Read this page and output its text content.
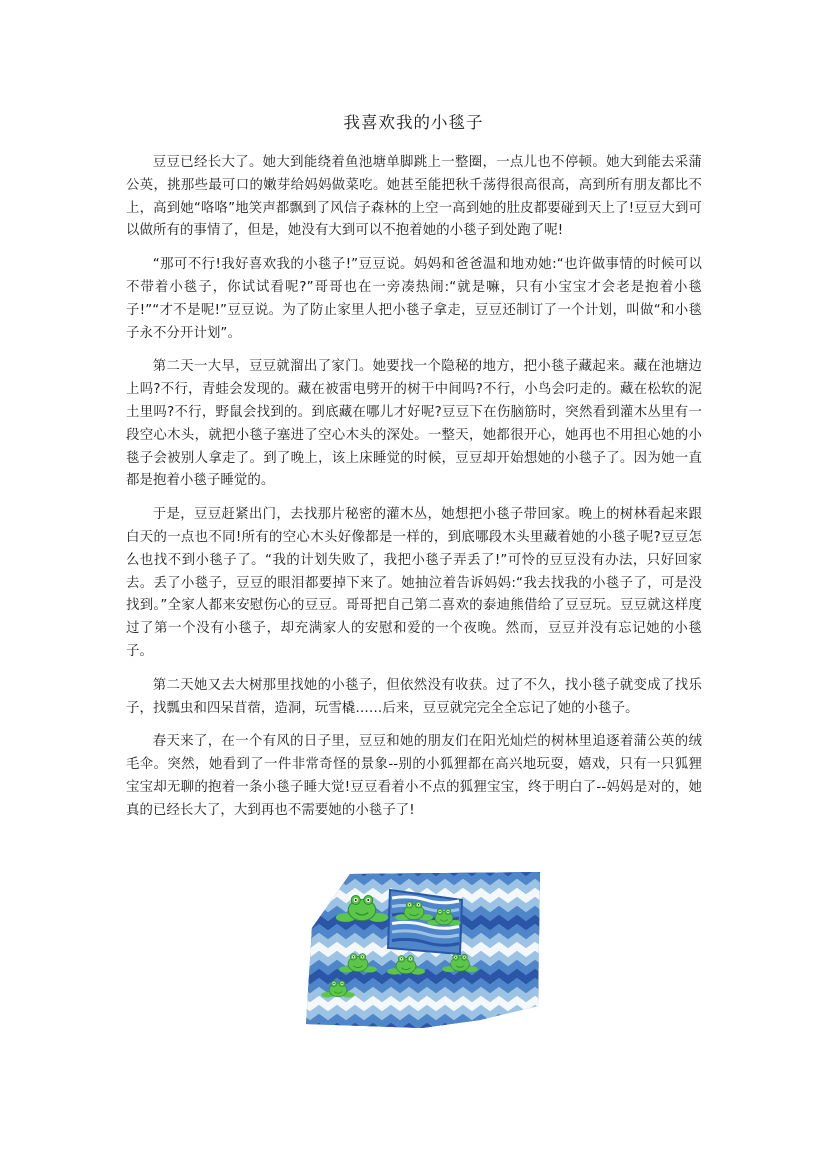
我喜欢我的小毯子

豆豆已经长大了。她大到能绕着鱼池塘单脚跳上一整圈，一点儿也不停顿。她大到能去采蒲公英，挑那些最可口的嫩芽给妈妈做菜吃。她甚至能把秋千荡得很高很高，高到所有朋友都比不上，高到她“咯咯”地笑声都飘到了风信子森林的上空一高到她的肚皮都要碰到天上了!豆豆大到可以做所有的事情了，但是，她没有大到可以不抱着她的小毯子到处跑了呢!

“那可不行!我好喜欢我的小毯子!”豆豆说。妈妈和爸爸温和地劝她:“也许做事情的时候可以不带着小毯子，你试试看呢?”哥哥也在一旁凑热闹:“就是嘛，只有小宝宝才会老是抱着小毯子!”“才不是呢!”豆豆说。为了防止家里人把小毯子拿走，豆豆还制订了一个计划，叫做“和小毯子永不分开计划”。

第二天一大早，豆豆就溜出了家门。她要找一个隐秘的地方，把小毯子藏起来。藏在池塘边上吗?不行，青蛙会发现的。藏在被雷电劈开的树干中间吗?不行，小鸟会叼走的。藏在松软的泥土里吗?不行，野鼠会找到的。到底藏在哪儿才好呢?豆豆下在伤脑筋时，突然看到灌木丛里有一段空心木头，就把小毯子塞进了空心木头的深处。一整天，她都很开心，她再也不用担心她的小毯子会被别人拿走了。到了晚上，该上床睡觉的时候，豆豆却开始想她的小毯子了。因为她一直都是抱着小毯子睡觉的。

于是，豆豆赶紧出门，去找那片秘密的灌木丛，她想把小毯子带回家。晚上的树林看起来跟白天的一点也不同!所有的空心木头好像都是一样的，到底哪段木头里藏着她的小毯子呢?豆豆怎么也找不到小毯子了。“我的计划失败了，我把小毯子弄丢了!”可怜的豆豆没有办法，只好回家去。丢了小毯子，豆豆的眼泪都要掉下来了。她抽泣着告诉妈妈:“我去找我的小毯子了，可是没找到。”全家人都来安慰伤心的豆豆。哥哥把自己第二喜欢的泰迪熊借给了豆豆玩。豆豆就这样度过了第一个没有小毯子，却充满家人的安慰和爱的一个夜晚。然而，豆豆并没有忘记她的小毯子。

第二天她又去大树那里找她的小毯子，但依然没有收获。过了不久，找小毯子就变成了找乐子，找瓢虫和四呆苜蓿，造洞，玩雪橇……后来，豆豆就完完全全忘记了她的小毯子。

春天来了，在一个有风的日子里，豆豆和她的朋友们在阳光灿烂的树林里追逐着蒲公英的绒毛伞。突然，她看到了一件非常奇怪的景象--别的小狐狸都在高兴地玩耍，嬉戏，只有一只狐狸宝宝却无聊的抱着一条小毯子睡大觉!豆豆看着小不点的狐狸宝宝，终于明白了--妈妈是对的，她真的已经长大了，大到再也不需要她的小毯子了!
